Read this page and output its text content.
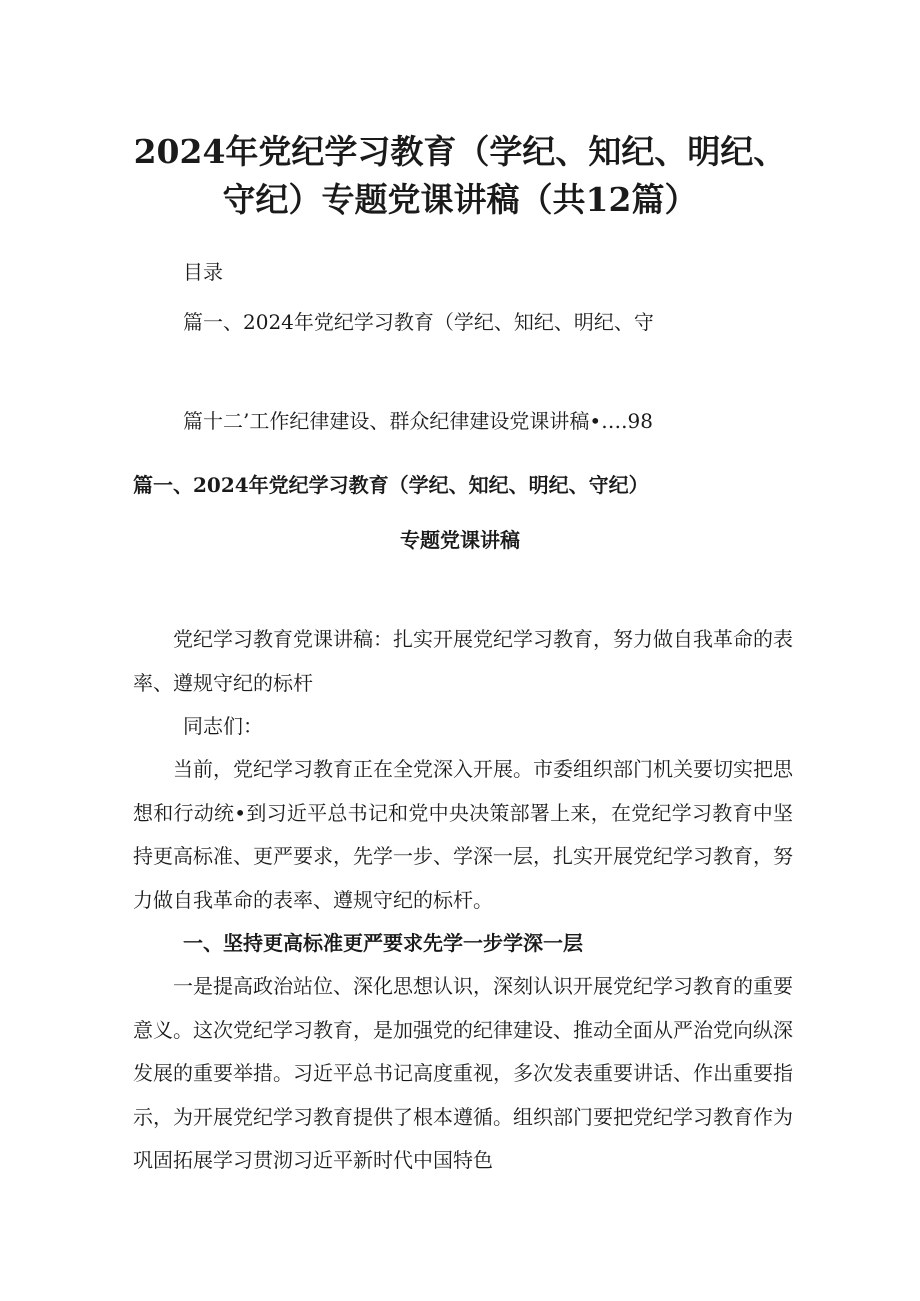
2024年党纪学习教育（学纪、知纪、明纪、
守纪）专题党课讲稿（共12篇）
目录
篇一、2024年党纪学习教育（学纪、知纪、明纪、守
篇十二’工作纪律建设、群众纪律建设党课讲稿•….98
篇一、2024年党纪学习教育（学纪、知纪、明纪、守纪）
专题党课讲稿
党纪学习教育党课讲稿：扎实开展党纪学习教育，努力做自我革命的表率、遵规守纪的标杆
同志们：
当前，党纪学习教育正在全党深入开展。市委组织部门机关要切实把思想和行动统•到习近平总书记和党中央决策部署上来，在党纪学习教育中坚持更高标准、更严要求，先学一步、学深一层，扎实开展党纪学习教育，努力做自我革命的表率、遵规守纪的标杆。
一、坚持更高标准更严要求先学一步学深一层
一是提高政治站位、深化思想认识，深刻认识开展党纪学习教育的重要意义。这次党纪学习教育，是加强党的纪律建设、推动全面从严治党向纵深发展的重要举措。习近平总书记高度重视，多次发表重要讲话、作出重要指示，为开展党纪学习教育提供了根本遵循。组织部门要把党纪学习教育作为巩固拓展学习贯沏习近平新时代中国特色
